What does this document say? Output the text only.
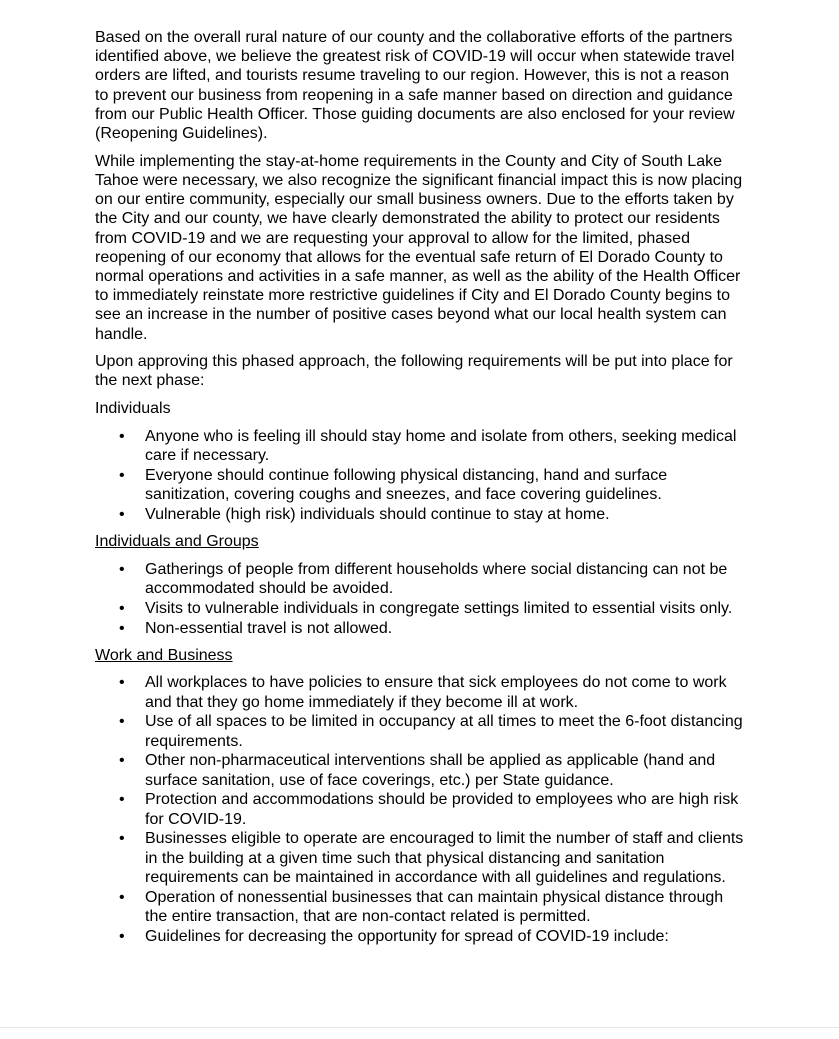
Based on the overall rural nature of our county and the collaborative efforts of the partners identified above, we believe the greatest risk of COVID-19 will occur when statewide travel orders are lifted, and tourists resume traveling to our region. However, this is not a reason to prevent our business from reopening in a safe manner based on direction and guidance from our Public Health Officer. Those guiding documents are also enclosed for your review (Reopening Guidelines).

While implementing the stay-at-home requirements in the County and City of South Lake Tahoe were necessary, we also recognize the significant financial impact this is now placing on our entire community, especially our small business owners. Due to the efforts taken by the City and our county, we have clearly demonstrated the ability to protect our residents from COVID-19 and we are requesting your approval to allow for the limited, phased reopening of our economy that allows for the eventual safe return of El Dorado County to normal operations and activities in a safe manner, as well as the ability of the Health Officer to immediately reinstate more restrictive guidelines if City and El Dorado County begins to see an increase in the number of positive cases beyond what our local health system can handle.

Upon approving this phased approach, the following requirements will be put into place for the next phase:

Individuals
• Anyone who is feeling ill should stay home and isolate from others, seeking medical care if necessary.
• Everyone should continue following physical distancing, hand and surface sanitization, covering coughs and sneezes, and face covering guidelines.
• Vulnerable (high risk) individuals should continue to stay at home.
Individuals and Groups
• Gatherings of people from different households where social distancing can not be accommodated should be avoided.
• Visits to vulnerable individuals in congregate settings limited to essential visits only.
• Non-essential travel is not allowed.
Work and Business
• All workplaces to have policies to ensure that sick employees do not come to work and that they go home immediately if they become ill at work.
• Use of all spaces to be limited in occupancy at all times to meet the 6-foot distancing requirements.
• Other non-pharmaceutical interventions shall be applied as applicable (hand and surface sanitation, use of face coverings, etc.) per State guidance.
• Protection and accommodations should be provided to employees who are high risk for COVID-19.
• Businesses eligible to operate are encouraged to limit the number of staff and clients in the building at a given time such that physical distancing and sanitation requirements can be maintained in accordance with all guidelines and regulations.
• Operation of nonessential businesses that can maintain physical distance through the entire transaction, that are non-contact related is permitted.
• Guidelines for decreasing the opportunity for spread of COVID-19 include:
